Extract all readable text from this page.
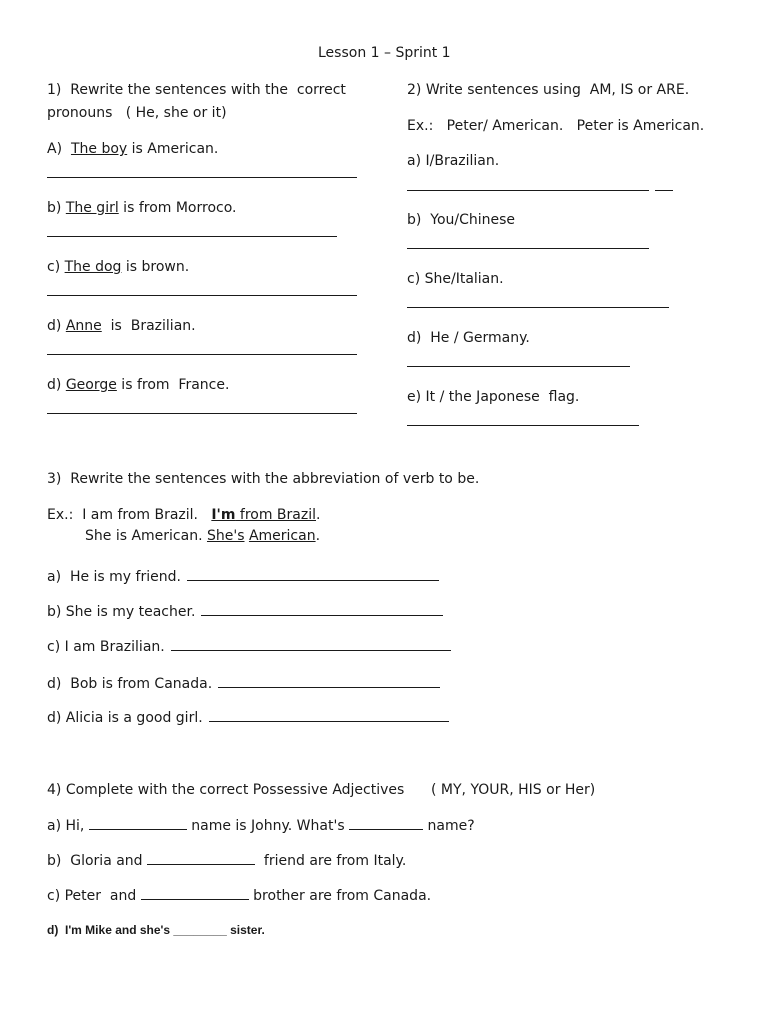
Lesson 1 – Sprint 1
1)  Rewrite the sentences with the  correct
pronouns   ( He, she or it)
A)  The boy is American.
b) The girl is from Morroco.
c) The dog is brown.
d) Anne  is  Brazilian.
d) George is from  France.
2) Write sentences using  AM, IS or ARE.
Ex.:   Peter/ American.   Peter is American.
a) I/Brazilian.
b)  You/Chinese
c) She/Italian.
d)  He / Germany.
e) It / the Japonese  flag.
3)  Rewrite the sentences with the abbreviation of verb to be.
Ex.:  I am from Brazil.   I'm from Brazil.
She is American. She's American.
a)  He is my friend.
b) She is my teacher.
c) I am Brazilian.
d)  Bob is from Canada.
d) Alicia is a good girl.
4) Complete with the correct Possessive Adjectives      ( MY, YOUR, HIS or Her)
a) Hi,	name is Johny. What's	name?
b)  Gloria and	friend are from Italy.
c) Peter  and	brother are from Canada.
d)  I'm Mike and she's ________ sister.
